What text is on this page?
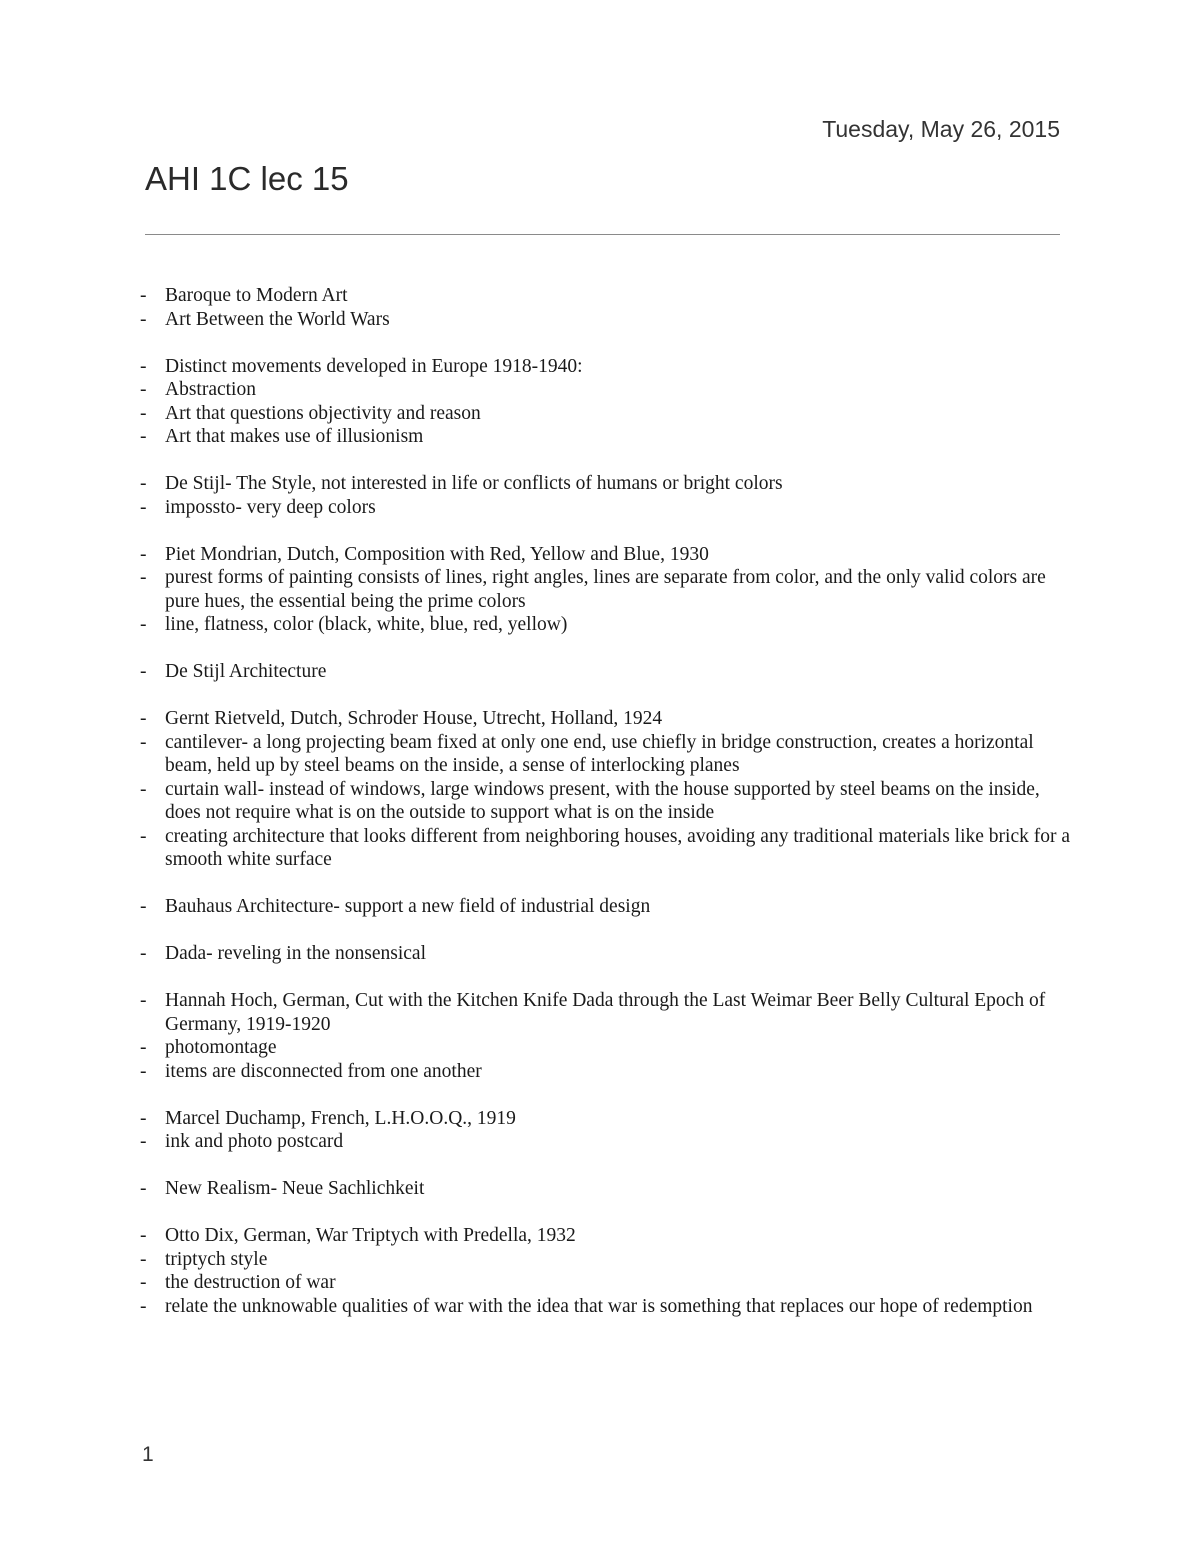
Tuesday, May 26, 2015
AHI 1C lec 15
- Baroque to Modern Art
- Art Between the World Wars
- Distinct movements developed in Europe 1918-1940:
- Abstraction
- Art that questions objectivity and reason
- Art that makes use of illusionism
- De Stijl- The Style, not interested in life or conflicts of humans or bright colors
- impossto- very deep colors
- Piet Mondrian, Dutch, Composition with Red, Yellow and Blue, 1930
- purest forms of painting consists of lines, right angles, lines are separate from color, and the only valid colors are pure hues, the essential being the prime colors
- line, flatness, color (black, white, blue, red, yellow)
- De Stijl Architecture
- Gernt Rietveld, Dutch, Schroder House, Utrecht, Holland, 1924
- cantilever- a long projecting beam fixed at only one end, use chiefly in bridge construction, creates a horizontal beam, held up by steel beams on the inside, a sense of interlocking planes
- curtain wall- instead of windows, large windows present, with the house supported by steel beams on the inside, does not require what is on the outside to support what is on the inside
- creating architecture that looks different from neighboring houses, avoiding any traditional materials like brick for a smooth white surface
- Bauhaus Architecture- support a new field of industrial design
- Dada- reveling in the nonsensical
- Hannah Hoch, German, Cut with the Kitchen Knife Dada through the Last Weimar Beer Belly Cultural Epoch of Germany, 1919-1920
- photomontage
- items are disconnected from one another
- Marcel Duchamp, French, L.H.O.O.Q., 1919
- ink and photo postcard
- New Realism- Neue Sachlichkeit
- Otto Dix, German, War Triptych with Predella, 1932
- triptych style
- the destruction of war
- relate the unknowable qualities of war with the idea that war is something that replaces our hope of redemption
1
